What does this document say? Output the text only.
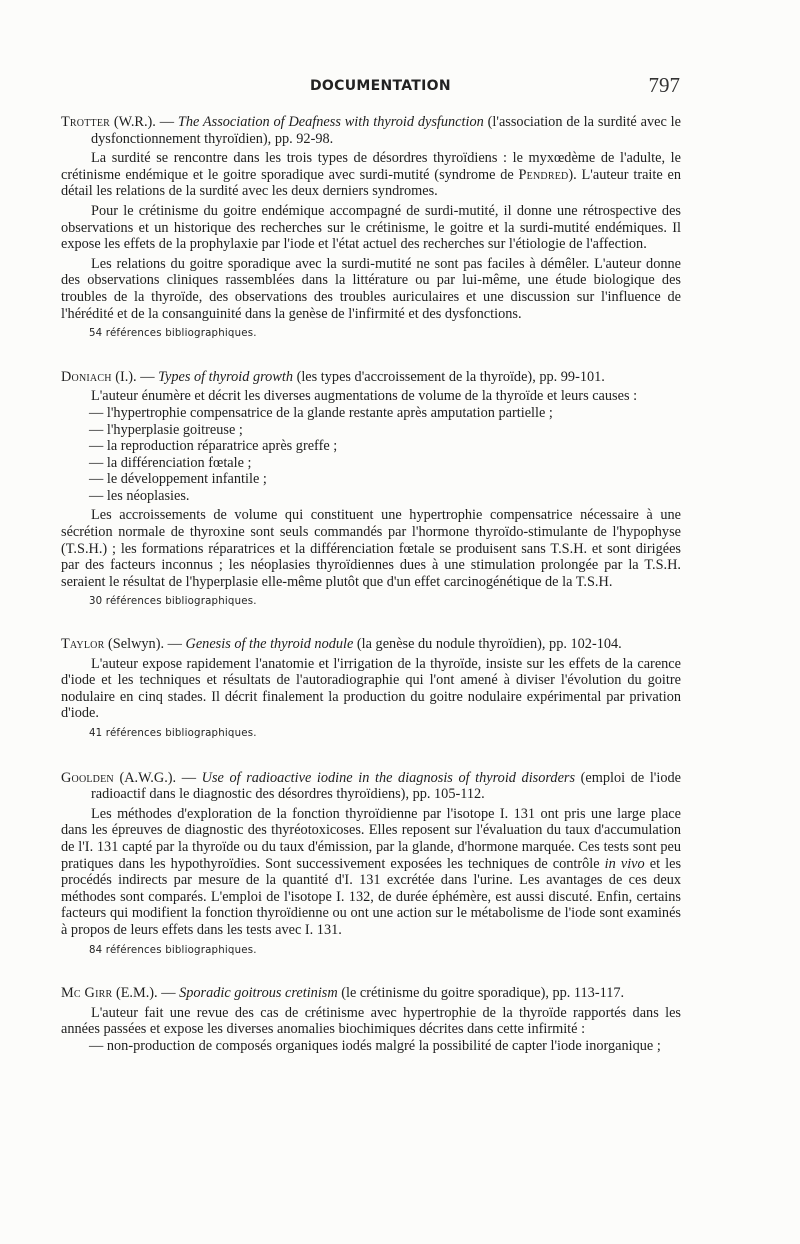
DOCUMENTATION	797

Trotter (W.R.). — The Association of Deafness with thyroid dysfunction (l'association de la surdité avec le dysfonctionnement thyroïdien), pp. 92-98.

La surdité se rencontre dans les trois types de désordres thyroïdiens : le myxœdème de l'adulte, le crétinisme endémique et le goitre sporadique avec surdi-mutité (syndrome de Pendred). L'auteur traite en détail les relations de la surdité avec les deux derniers syndromes.

Pour le crétinisme du goitre endémique accompagné de surdi-mutité, il donne une rétrospective des observations et un historique des recherches sur le crétinisme, le goitre et la surdi-mutité endémiques. Il expose les effets de la prophylaxie par l'iode et l'état actuel des recherches sur l'étiologie de l'affection.

Les relations du goitre sporadique avec la surdi-mutité ne sont pas faciles à démêler. L'auteur donne des observations cliniques rassemblées dans la littérature ou par lui-même, une étude biologique des troubles de la thyroïde, des observations des troubles auriculaires et une discussion sur l'influence de l'hérédité et de la consanguinité dans la genèse de l'infirmité et des dysfonctions.

54 références bibliographiques.

Doniach (I.). — Types of thyroid growth (les types d'accroissement de la thyroïde), pp. 99-101.

L'auteur énumère et décrit les diverses augmentations de volume de la thyroïde et leurs causes :

— l'hypertrophie compensatrice de la glande restante après amputation partielle ;
— l'hyperplasie goitreuse ;
— la reproduction réparatrice après greffe ;
— la différenciation fœtale ;
— le développement infantile ;
— les néoplasies.

Les accroissements de volume qui constituent une hypertrophie compensatrice nécessaire à une sécrétion normale de thyroxine sont seuls commandés par l'hormone thyroïdo-stimulante de l'hypophyse (T.S.H.) ; les formations réparatrices et la différenciation fœtale se produisent sans T.S.H. et sont dirigées par des facteurs inconnus ; les néoplasies thyroïdiennes dues à une stimulation prolongée par la T.S.H. seraient le résultat de l'hyperplasie elle-même plutôt que d'un effet carcinogénétique de la T.S.H.

30 références bibliographiques.

Taylor (Selwyn). — Genesis of the thyroid nodule (la genèse du nodule thyroïdien), pp. 102-104.

L'auteur expose rapidement l'anatomie et l'irrigation de la thyroïde, insiste sur les effets de la carence d'iode et les techniques et résultats de l'autoradiographie qui l'ont amené à diviser l'évolution du goitre nodulaire en cinq stades. Il décrit finalement la production du goitre nodulaire expérimental par privation d'iode.

41 références bibliographiques.

Goolden (A.W.G.). — Use of radioactive iodine in the diagnosis of thyroid disorders (emploi de l'iode radioactif dans le diagnostic des désordres thyroïdiens), pp. 105-112.

Les méthodes d'exploration de la fonction thyroïdienne par l'isotope I. 131 ont pris une large place dans les épreuves de diagnostic des thyréotoxicoses. Elles reposent sur l'évaluation du taux d'accumulation de l'I. 131 capté par la thyroïde ou du taux d'émission, par la glande, d'hormone marquée. Ces tests sont peu pratiques dans les hypothyroïdies. Sont successivement exposées les techniques de contrôle in vivo et les procédés indirects par mesure de la quantité d'I. 131 excrétée dans l'urine. Les avantages de ces deux méthodes sont comparés. L'emploi de l'isotope I. 132, de durée éphémère, est aussi discuté. Enfin, certains facteurs qui modifient la fonction thyroïdienne ou ont une action sur le métabolisme de l'iode sont examinés à propos de leurs effets dans les tests avec I. 131.

84 références bibliographiques.

Mc Girr (E.M.). — Sporadic goitrous cretinism (le crétinisme du goitre sporadique), pp. 113-117.

L'auteur fait une revue des cas de crétinisme avec hypertrophie de la thyroïde rapportés dans les années passées et expose les diverses anomalies biochimiques décrites dans cette infirmité :

— non-production de composés organiques iodés malgré la possibilité de capter l'iode inorganique ;
